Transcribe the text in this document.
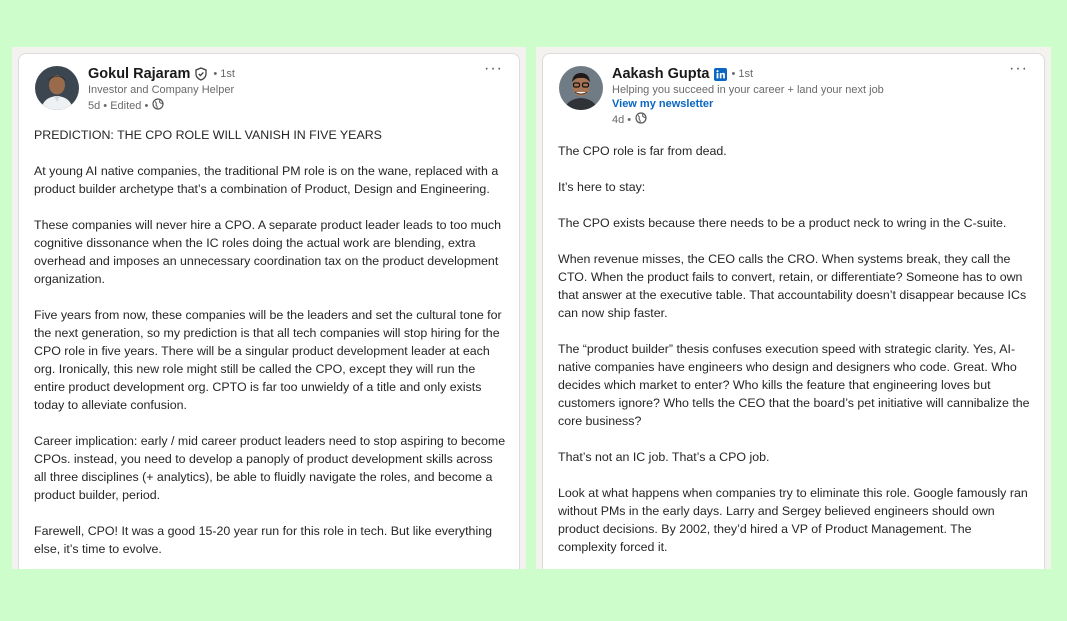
Gokul Rajaram • 1st
Investor and Company Helper
5d • Edited •
···

PREDICTION: THE CPO ROLE WILL VANISH IN FIVE YEARS

At young AI native companies, the traditional PM role is on the wane, replaced with a product builder archetype that’s a combination of Product, Design and Engineering.

These companies will never hire a CPO. A separate product leader leads to too much cognitive dissonance when the IC roles doing the actual work are blending, extra overhead and imposes an unnecessary coordination tax on the product development organization.

Five years from now, these companies will be the leaders and set the cultural tone for the next generation, so my prediction is that all tech companies will stop hiring for the CPO role in five years. There will be a singular product development leader at each org. Ironically, this new role might still be called the CPO, except they will run the entire product development org. CPTO is far too unwieldy of a title and only exists today to alleviate confusion.

Career implication: early / mid career product leaders need to stop aspiring to become CPOs. instead, you need to develop a panoply of product development skills across all three disciplines (+ analytics), be able to fluidly navigate the roles, and become a product builder, period.

Farewell, CPO! It was a good 15-20 year run for this role in tech. But like everything else, it’s time to evolve.

Aakash Gupta • 1st
Helping you succeed in your career + land your next job
View my newsletter
4d •
···

The CPO role is far from dead.

It’s here to stay:

The CPO exists because there needs to be a product neck to wring in the C-suite.

When revenue misses, the CEO calls the CRO. When systems break, they call the CTO. When the product fails to convert, retain, or differentiate? Someone has to own that answer at the executive table. That accountability doesn’t disappear because ICs can now ship faster.

The “product builder” thesis confuses execution speed with strategic clarity. Yes, AI-native companies have engineers who design and designers who code. Great. Who decides which market to enter? Who kills the feature that engineering loves but customers ignore? Who tells the CEO that the board’s pet initiative will cannibalize the core business?

That’s not an IC job. That’s a CPO job.

Look at what happens when companies try to eliminate this role. Google famously ran without PMs in the early days. Larry and Sergey believed engineers should own product decisions. By 2002, they’d hired a VP of Product Management. The complexity forced it.
